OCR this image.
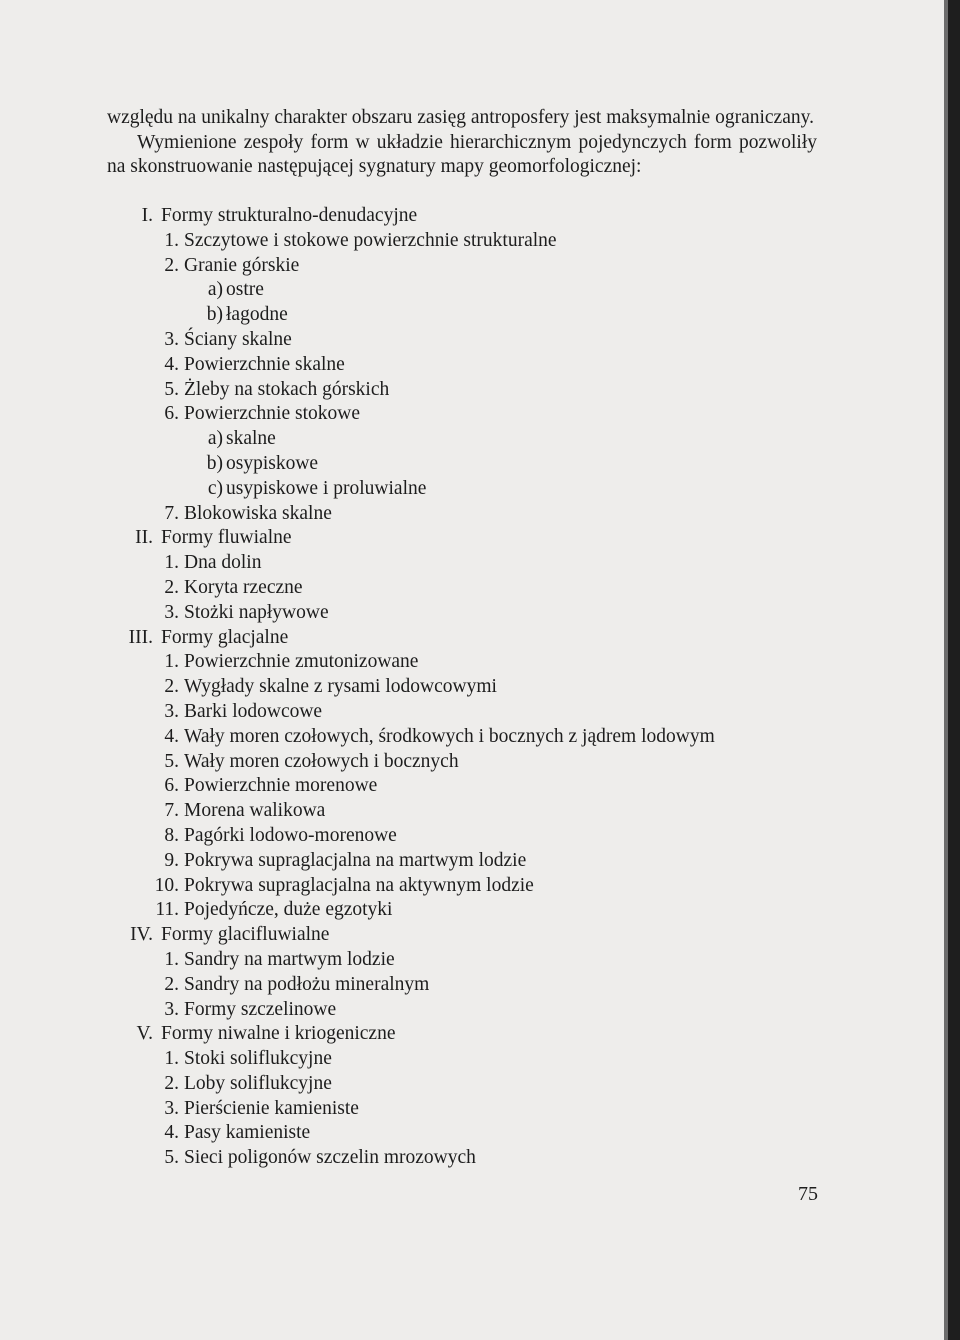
względu na unikalny charakter obszaru zasięg antroposfery jest maksymalnie ograniczany.

Wymienione zespoły form w układzie hierarchicznym pojedynczych form pozwoliły na skonstruowanie następującej sygnatury mapy geomorfologicznej:

I. Formy strukturalno-denudacyjne
1. Szczytowe i stokowe powierzchnie strukturalne
2. Granie górskie
a) ostre
b) łagodne
3. Ściany skalne
4. Powierzchnie skalne
5. Żleby na stokach górskich
6. Powierzchnie stokowe
a) skalne
b) osypiskowe
c) usypiskowe i proluwialne
7. Blokowiska skalne
II. Formy fluwialne
1. Dna dolin
2. Koryta rzeczne
3. Stożki napływowe
III. Formy glacjalne
1. Powierzchnie zmutonizowane
2. Wygłady skalne z rysami lodowcowymi
3. Barki lodowcowe
4. Wały moren czołowych, środkowych i bocznych z jądrem lodowym
5. Wały moren czołowych i bocznych
6. Powierzchnie morenowe
7. Morena walikowa
8. Pagórki lodowo-morenowe
9. Pokrywa supraglacjalna na martwym lodzie
10. Pokrywa supraglacjalna na aktywnym lodzie
11. Pojedyńcze, duże egzotyki
IV. Formy glacifluwialne
1. Sandry na martwym lodzie
2. Sandry na podłożu mineralnym
3. Formy szczelinowe
V. Formy niwalne i kriogeniczne
1. Stoki soliflukcyjne
2. Loby soliflukcyjne
3. Pierścienie kamieniste
4. Pasy kamieniste
5. Sieci poligonów szczelin mrozowych
75
